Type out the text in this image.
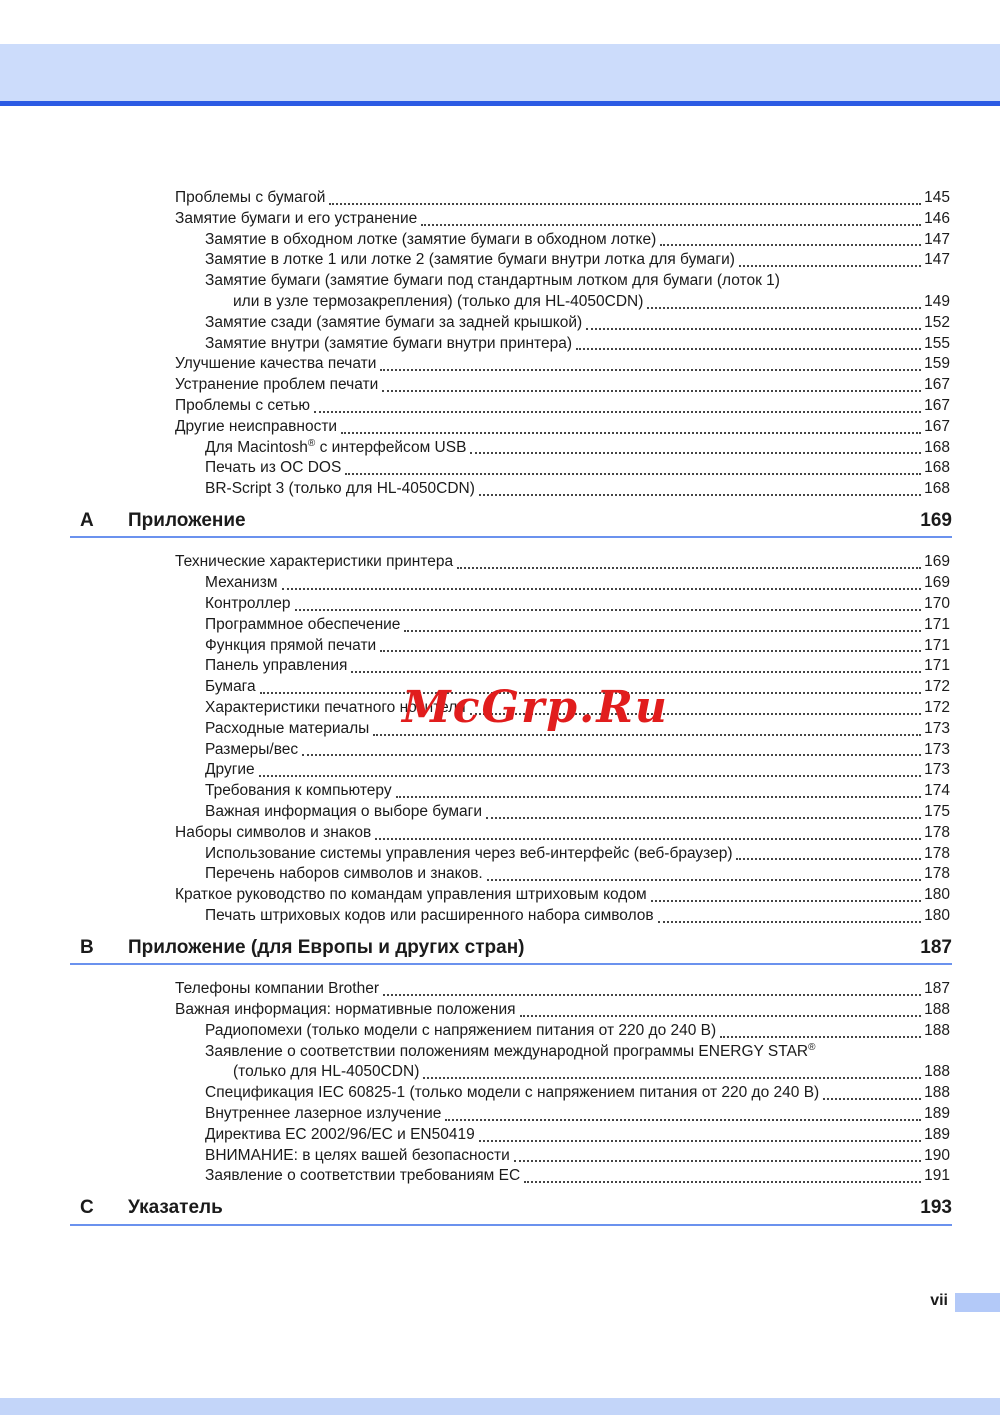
Проблемы с бумагой	145
Замятие бумаги и его устранение	146
Замятие в обходном лотке (замятие бумаги в обходном лотке)	147
Замятие в лотке 1 или лотке 2 (замятие бумаги внутри лотка для бумаги)	147
Замятие бумаги (замятие бумаги под стандартным лотком для бумаги (лоток 1)
или в узле термозакрепления) (только для HL-4050CDN)	149
Замятие сзади (замятие бумаги за задней крышкой)	152
Замятие внутри (замятие бумаги внутри принтера)	155
Улучшение качества печати	159
Устранение проблем печати	167
Проблемы с сетью	167
Другие неисправности	167
Для Macintosh® с интерфейсом USB	168
Печать из ОС DOS	168
BR-Script 3 (только для HL-4050CDN)	168
A	Приложение	169
Технические характеристики принтера	169
Механизм	169
Контроллер	170
Программное обеспечение	171
Функция прямой печати	171
Панель управления	171
Бумага	172
Характеристики печатного носителя	172
Расходные материалы	173
Размеры/вес	173
Другие	173
Требования к компьютеру	174
Важная информация о выборе бумаги	175
Наборы символов и знаков	178
Использование системы управления через веб-интерфейс (веб-браузер)	178
Перечень наборов символов и знаков.	178
Краткое руководство по командам управления штриховым кодом	180
Печать штриховых кодов или расширенного набора символов	180
B	Приложение (для Европы и других стран)	187
Телефоны компании Brother	187
Важная информация: нормативные положения	188
Радиопомехи (только модели с напряжением питания от 220 до 240 В)	188
Заявление о соответствии положениям международной программы ENERGY STAR®
(только для HL-4050CDN)	188
Спецификация IEC 60825-1 (только модели с напряжением питания от 220 до 240 В)	188
Внутреннее лазерное излучение	189
Директива ЕС 2002/96/EC и EN50419	189
ВНИМАНИЕ: в целях вашей безопасности	190
Заявление о соответствии требованиям ЕС	191
C	Указатель	193
McGrp.Ru
vii
